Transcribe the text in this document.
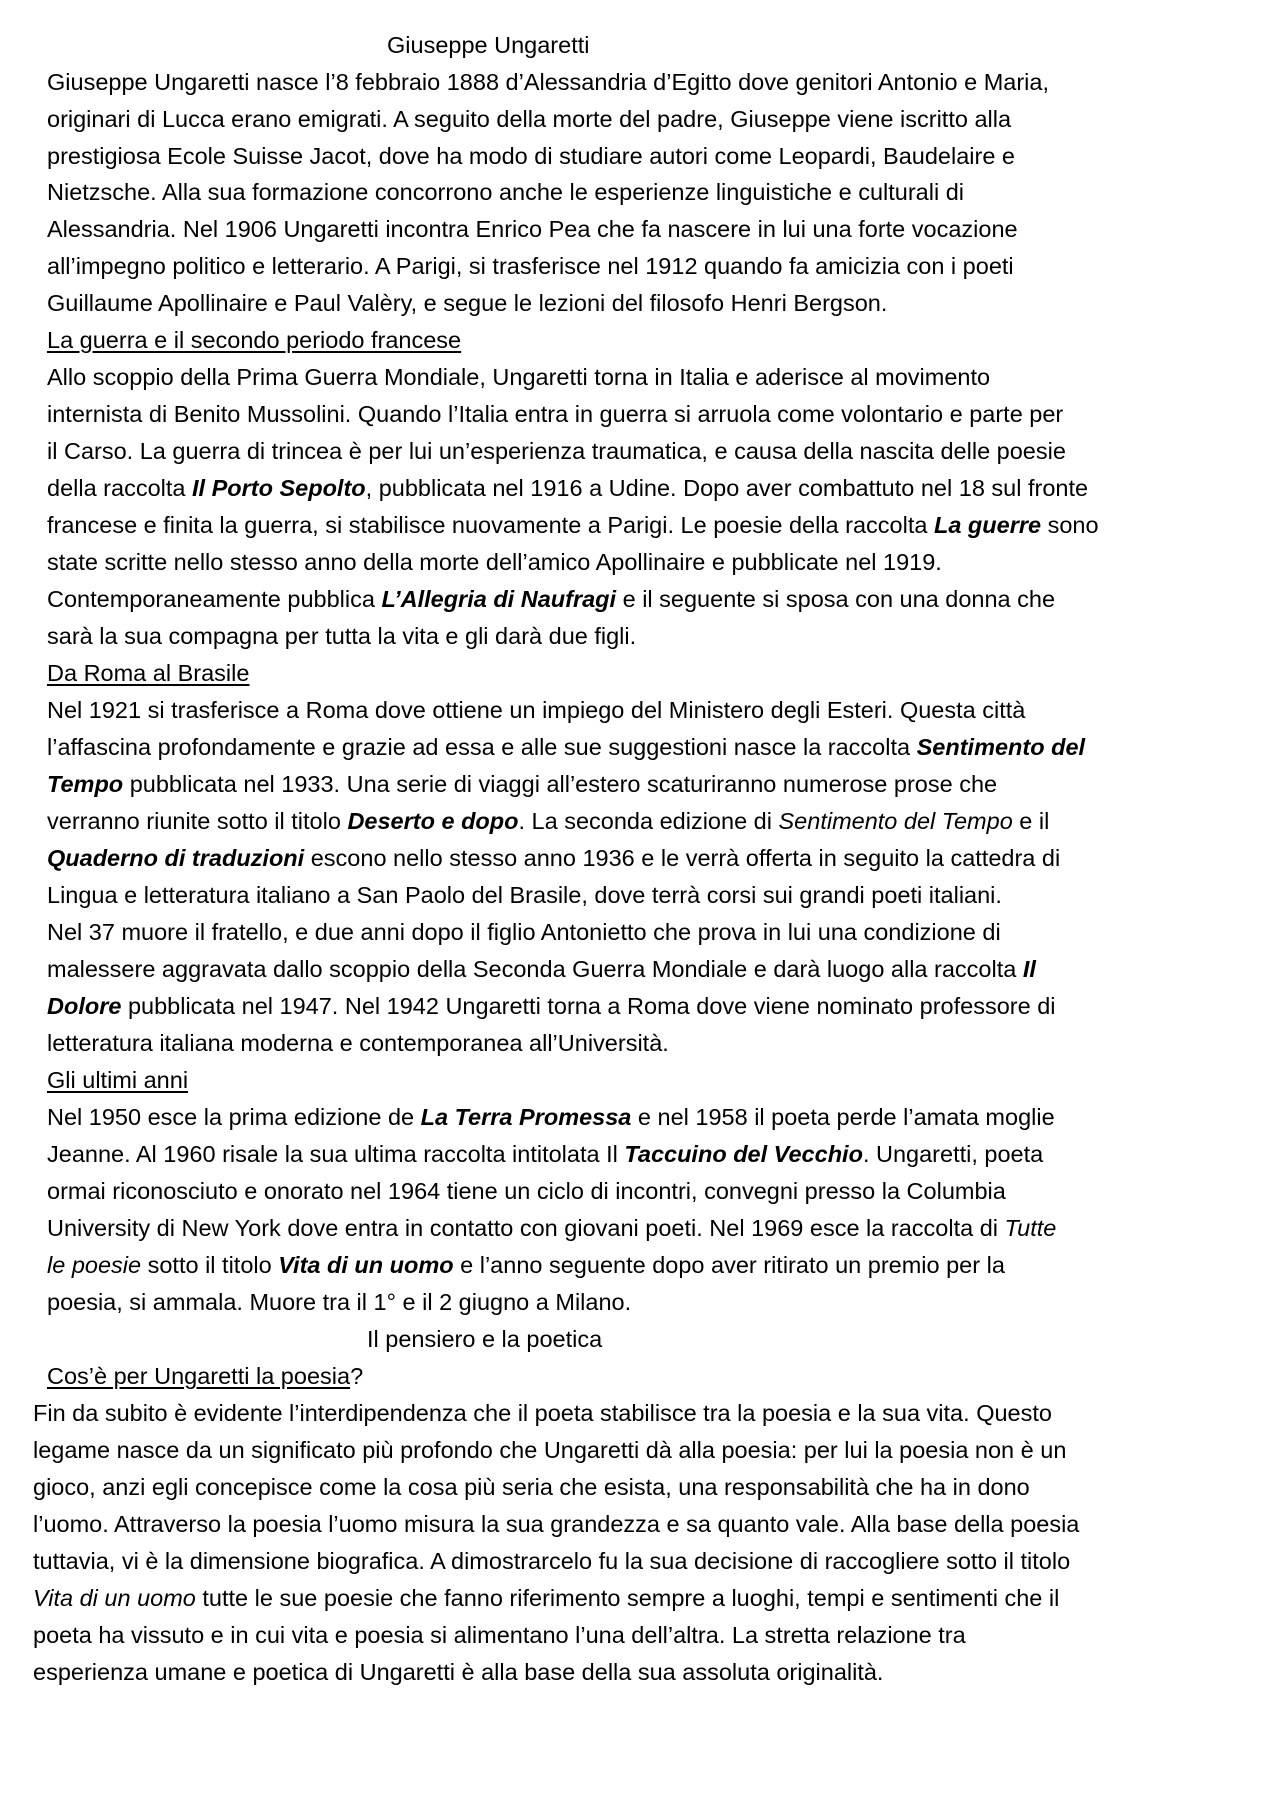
Giuseppe Ungaretti
Giuseppe Ungaretti nasce l’8 febbraio 1888 d’Alessandria d’Egitto dove genitori Antonio e Maria,
originari di Lucca erano emigrati. A seguito della morte del padre, Giuseppe viene iscritto alla
prestigiosa Ecole Suisse Jacot, dove ha modo di studiare autori come Leopardi, Baudelaire e
Nietzsche. Alla sua formazione concorrono anche le esperienze linguistiche e culturali di
Alessandria. Nel 1906 Ungaretti incontra Enrico Pea che fa nascere in lui una forte vocazione
all’impegno politico e letterario. A Parigi, si trasferisce nel 1912 quando fa amicizia con i poeti
Guillaume Apollinaire e Paul Valèry, e segue le lezioni del filosofo Henri Bergson.
La guerra e il secondo periodo francese
Allo scoppio della Prima Guerra Mondiale, Ungaretti torna in Italia e aderisce al movimento
internista di Benito Mussolini. Quando l’Italia entra in guerra si arruola come volontario e parte per
il Carso. La guerra di trincea è per lui un’esperienza traumatica, e causa della nascita delle poesie
della raccolta Il Porto Sepolto, pubblicata nel 1916 a Udine. Dopo aver combattuto nel 18 sul fronte
francese e finita la guerra, si stabilisce nuovamente a Parigi. Le poesie della raccolta La guerre sono
state scritte nello stesso anno della morte dell’amico Apollinaire e pubblicate nel 1919.
Contemporaneamente pubblica L’Allegria di Naufragi e il seguente si sposa con una donna che
sarà la sua compagna per tutta la vita e gli darà due figli.
Da Roma al Brasile
Nel 1921 si trasferisce a Roma dove ottiene un impiego del Ministero degli Esteri. Questa città
l’affascina profondamente e grazie ad essa e alle sue suggestioni nasce la raccolta Sentimento del
Tempo pubblicata nel 1933. Una serie di viaggi all’estero scaturiranno numerose prose che
verranno riunite sotto il titolo Deserto e dopo. La seconda edizione di Sentimento del Tempo e il
Quaderno di traduzioni escono nello stesso anno 1936 e le verrà offerta in seguito la cattedra di
Lingua e letteratura italiano a San Paolo del Brasile, dove terrà corsi sui grandi poeti italiani.
Nel 37 muore il fratello, e due anni dopo il figlio Antonietto che prova in lui una condizione di
malessere aggravata dallo scoppio della Seconda Guerra Mondiale e darà luogo alla raccolta Il
Dolore pubblicata nel 1947. Nel 1942 Ungaretti torna a Roma dove viene nominato professore di
letteratura italiana moderna e contemporanea all’Università.
Gli ultimi anni
Nel 1950 esce la prima edizione de La Terra Promessa e nel 1958 il poeta perde l’amata moglie
Jeanne. Al 1960 risale la sua ultima raccolta intitolata Il Taccuino del Vecchio. Ungaretti, poeta
ormai riconosciuto e onorato nel 1964 tiene un ciclo di incontri, convegni presso la Columbia
University di New York dove entra in contatto con giovani poeti. Nel 1969 esce la raccolta di Tutte
le poesie sotto il titolo Vita di un uomo e l’anno seguente dopo aver ritirato un premio per la
poesia, si ammala. Muore tra il 1° e il 2 giugno a Milano.
Il pensiero e la poetica
Cos’è per Ungaretti la poesia?
Fin da subito è evidente l’interdipendenza che il poeta stabilisce tra la poesia e la sua vita. Questo
legame nasce da un significato più profondo che Ungaretti dà alla poesia: per lui la poesia non è un
gioco, anzi egli concepisce come la cosa più seria che esista, una responsabilità che ha in dono
l’uomo. Attraverso la poesia l’uomo misura la sua grandezza e sa quanto vale. Alla base della poesia
tuttavia, vi è la dimensione biografica. A dimostrarcelo fu la sua decisione di raccogliere sotto il titolo
Vita di un uomo tutte le sue poesie che fanno riferimento sempre a luoghi, tempi e sentimenti che il
poeta ha vissuto e in cui vita e poesia si alimentano l’una dell’altra. La stretta relazione tra
esperienza umane e poetica di Ungaretti è alla base della sua assoluta originalità.
